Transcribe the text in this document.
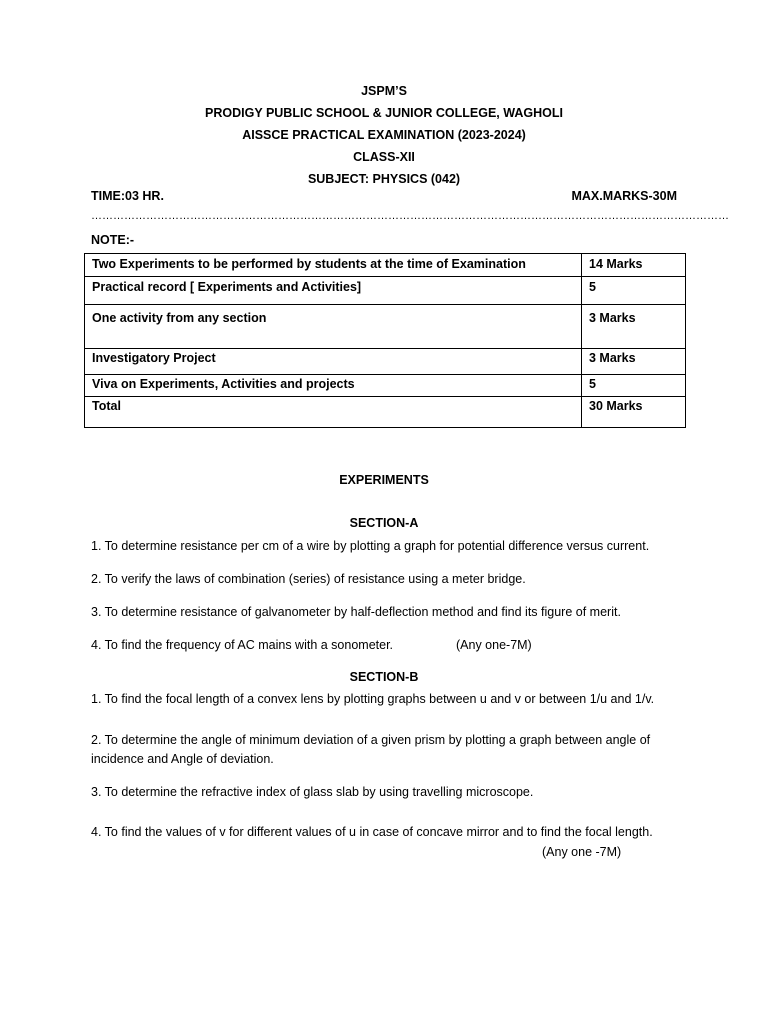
JSPM’S
PRODIGY PUBLIC SCHOOL & JUNIOR COLLEGE, WAGHOLI
AISSCE PRACTICAL EXAMINATION (2023-2024)
CLASS-XII
SUBJECT: PHYSICS (042)
TIME:03 HR.	MAX.MARKS-30M
…………………………………………………………………………………………………………………………………………………………
NOTE:-
Two Experiments to be performed by students at the time of Examination	14 Marks
Practical record [ Experiments and Activities]	5
One activity from any section	3 Marks
Investigatory Project	3 Marks
Viva on Experiments, Activities and projects	5
Total	30 Marks
EXPERIMENTS
SECTION-A
1. To determine resistance per cm of a wire by plotting a graph for potential difference versus current.
2. To verify the laws of combination (series) of resistance using a meter bridge.
3. To determine resistance of galvanometer by half-deflection method and find its figure of merit.
4. To find the frequency of AC mains with a sonometer.	(Any one-7M)
SECTION-B
1. To find the focal length of a convex lens by plotting graphs between u and v or between 1/u and 1/v.
2. To determine the angle of minimum deviation of a given prism by plotting a graph between angle of incidence and Angle of deviation.
3. To determine the refractive index of glass slab by using travelling microscope.
4. To find the values of v for different values of u in case of concave mirror and to find the focal length.
(Any one -7M)
